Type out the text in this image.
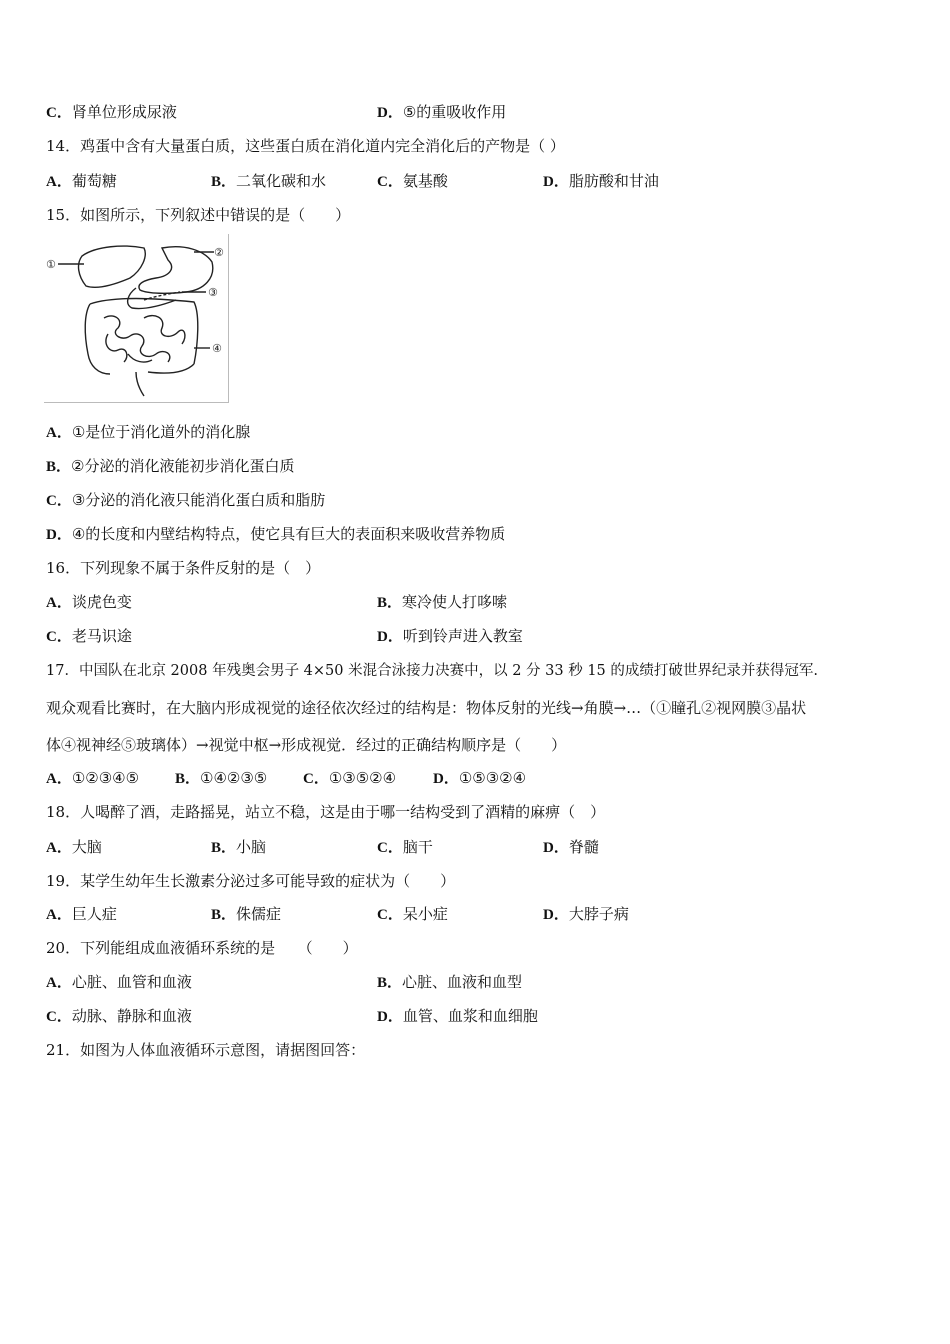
C．肾单位形成尿液	D．⑤的重吸收作用
14．鸡蛋中含有大量蛋白质，这些蛋白质在消化道内完全消化后的产物是（ ）
A．葡萄糖	B．二氧化碳和水	C．氨基酸	D．脂肪酸和甘油
15．如图所示，下列叙述中错误的是（　　）
①
②
③
④
A．①是位于消化道外的消化腺
B．②分泌的消化液能初步消化蛋白质
C．③分泌的消化液只能消化蛋白质和脂肪
D．④的长度和内壁结构特点，使它具有巨大的表面积来吸收营养物质
16．下列现象不属于条件反射的是（　）
A．谈虎色变	B．寒冷使人打哆嗦
C．老马识途	D．听到铃声进入教室
17．中国队在北京 2008 年残奥会男子 4×50 米混合泳接力决赛中，以 2 分 33 秒 15 的成绩打破世界纪录并获得冠军.
观众观看比赛时，在大脑内形成视觉的途径依次经过的结构是：物体反射的光线→角膜→…（①瞳孔②视网膜③晶状
体④视神经⑤玻璃体）→视觉中枢→形成视觉．经过的正确结构顺序是（　　）
A．①②③④⑤ B．①④②③⑤ C．①③⑤②④ D．①⑤③②④
18．人喝醉了酒，走路摇晃，站立不稳，这是由于哪一结构受到了酒精的麻痹（　）
A．大脑	B．小脑	C．脑干	D．脊髓
19．某学生幼年生长激素分泌过多可能导致的症状为（　　）
A．巨人症	B．侏儒症	C．呆小症	D．大脖子病
20．下列能组成血液循环系统的是　　（　　）
A．心脏、血管和血液	B．心脏、血液和血型
C．动脉、静脉和血液	D．血管、血浆和血细胞
21．如图为人体血液循环示意图，请据图回答：
